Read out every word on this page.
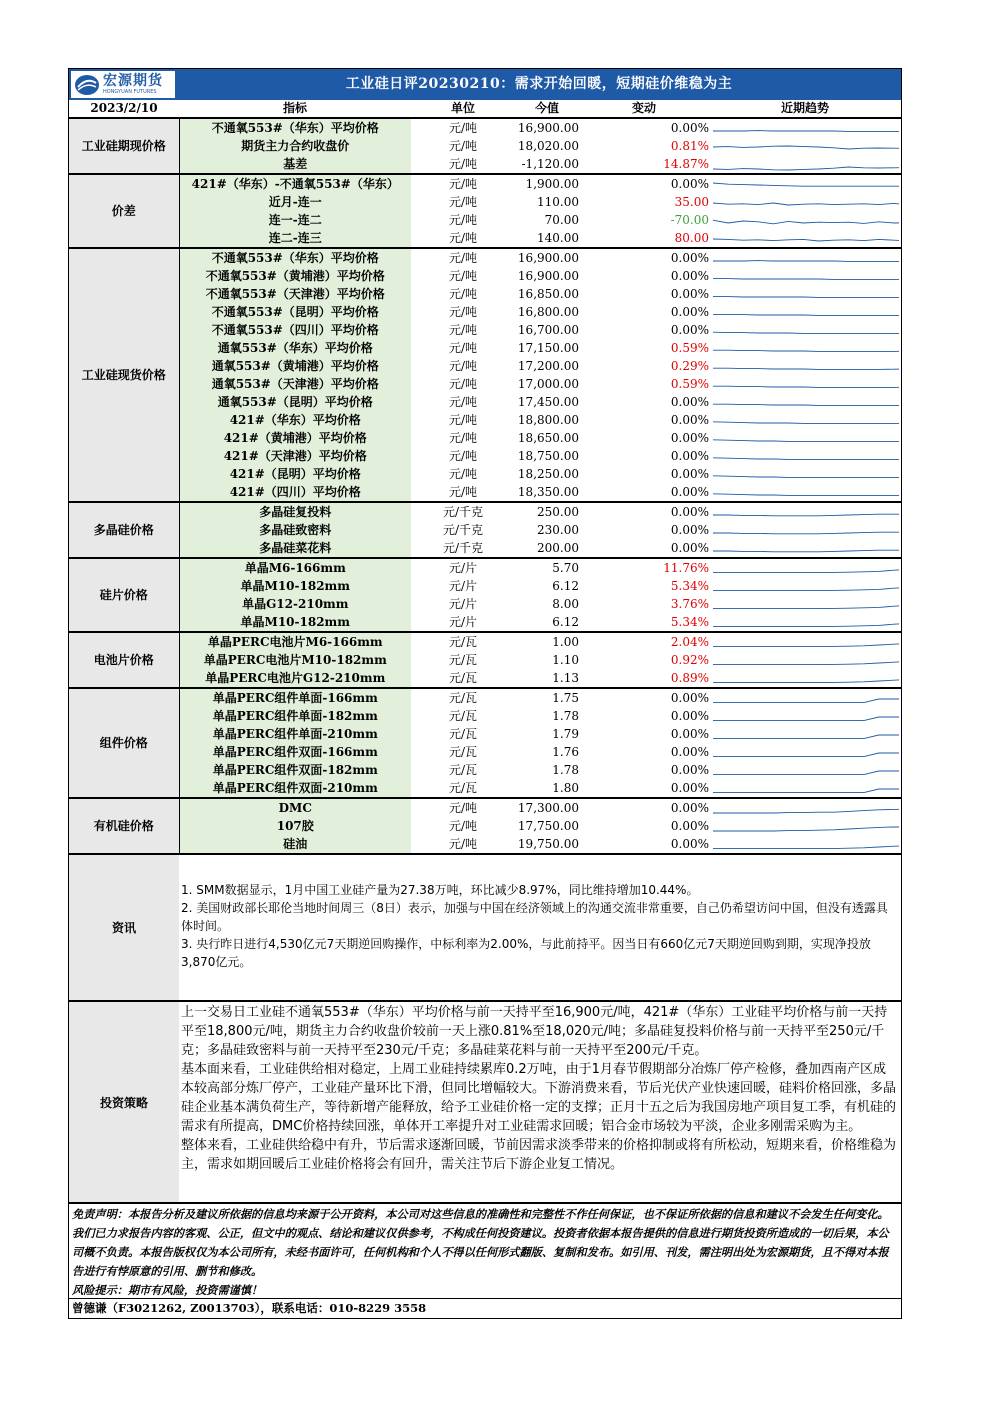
宏源期货
HONGYUAN FUTURES	工业硅日评20230210：需求开始回暖，短期硅价维稳为主
2023/2/10	指标	单位	今值	变动	近期趋势
工业硅期现价格	不通氧553#（华东）平均价格	元/吨	16,900.00	0.00%	

	期货主力合约收盘价	元/吨	18,020.00	0.81%	

	基差	元/吨	-1,120.00	14.87%	

价差	421#（华东）-不通氧553#（华东）	元/吨	1,900.00	0.00%	

	近月-连一	元/吨	110.00	35.00	

	连一-连二	元/吨	70.00	-70.00	

	连二-连三	元/吨	140.00	80.00	

工业硅现货价格	不通氧553#（华东）平均价格	元/吨	16,900.00	0.00%	

	不通氧553#（黄埔港）平均价格	元/吨	16,900.00	0.00%	

	不通氧553#（天津港）平均价格	元/吨	16,850.00	0.00%	

	不通氧553#（昆明）平均价格	元/吨	16,800.00	0.00%	

	不通氧553#（四川）平均价格	元/吨	16,700.00	0.00%	

	通氧553#（华东）平均价格	元/吨	17,150.00	0.59%	

	通氧553#（黄埔港）平均价格	元/吨	17,200.00	0.29%	

	通氧553#（天津港）平均价格	元/吨	17,000.00	0.59%	

	通氧553#（昆明）平均价格	元/吨	17,450.00	0.00%	

	421#（华东）平均价格	元/吨	18,800.00	0.00%	

	421#（黄埔港）平均价格	元/吨	18,650.00	0.00%	

	421#（天津港）平均价格	元/吨	18,750.00	0.00%	

	421#（昆明）平均价格	元/吨	18,250.00	0.00%	

	421#（四川）平均价格	元/吨	18,350.00	0.00%	

多晶硅价格	多晶硅复投料	元/千克	250.00	0.00%	

	多晶硅致密料	元/千克	230.00	0.00%	

	多晶硅菜花料	元/千克	200.00	0.00%	

硅片价格	单晶M6-166mm	元/片	5.70	11.76%	

	单晶M10-182mm	元/片	6.12	5.34%	

	单晶G12-210mm	元/片	8.00	3.76%	

	单晶M10-182mm	元/片	6.12	5.34%	

电池片价格	单晶PERC电池片M6-166mm	元/瓦	1.00	2.04%	

	单晶PERC电池片M10-182mm	元/瓦	1.10	0.92%	

	单晶PERC电池片G12-210mm	元/瓦	1.13	0.89%	

组件价格	单晶PERC组件单面-166mm	元/瓦	1.75	0.00%	

	单晶PERC组件单面-182mm	元/瓦	1.78	0.00%	

	单晶PERC组件单面-210mm	元/瓦	1.79	0.00%	

	单晶PERC组件双面-166mm	元/瓦	1.76	0.00%	

	单晶PERC组件双面-182mm	元/瓦	1.78	0.00%	

	单晶PERC组件双面-210mm	元/瓦	1.80	0.00%	

有机硅价格	DMC	元/吨	17,300.00	0.00%	

	107胶	元/吨	17,750.00	0.00%	

	硅油	元/吨	19,750.00	0.00%	
资讯
1. SMM数据显示，1月中国工业硅产量为27.38万吨，环比减少8.97%，同比维持增加10.44%。
2. 美国财政部长耶伦当地时间周三（8日）表示，加强与中国在经济领域上的沟通交流非常重要，自己仍希望访问中国，但没有透露具体时间。
3. 央行昨日进行4,530亿元7天期逆回购操作，中标利率为2.00%，与此前持平。因当日有660亿元7天期逆回购到期，实现净投放3,870亿元。
投资策略
上一交易日工业硅不通氧553#（华东）平均价格与前一天持平至16,900元/吨，421#（华东）工业硅平均价格与前一天持平至18,800元/吨，期货主力合约收盘价较前一天上涨0.81%至18,020元/吨；多晶硅复投料价格与前一天持平至250元/千克；多晶硅致密料与前一天持平至230元/千克；多晶硅菜花料与前一天持平至200元/千克。
基本面来看，工业硅供给相对稳定，上周工业硅持续累库0.2万吨，由于1月春节假期部分冶炼厂停产检修，叠加西南产区成本较高部分炼厂停产，工业硅产量环比下滑，但同比增幅较大。下游消费来看，节后光伏产业快速回暖，硅料价格回涨，多晶硅企业基本满负荷生产，等待新增产能释放，给予工业硅价格一定的支撑；正月十五之后为我国房地产项目复工季，有机硅的需求有所提高，DMC价格持续回涨，单体开工率提升对工业硅需求回暖；铝合金市场较为平淡，企业多刚需采购为主。
整体来看，工业硅供给稳中有升，节后需求逐渐回暖，节前因需求淡季带来的价格抑制或将有所松动，短期来看，价格维稳为主，需求如期回暖后工业硅价格将会有回升，需关注节后下游企业复工情况。
免责声明：本报告分析及建议所依据的信息均来源于公开资料，本公司对这些信息的准确性和完整性不作任何保证，也不保证所依据的信息和建议不会发生任何变化。我们已力求报告内容的客观、公正，但文中的观点、结论和建议仅供参考，不构成任何投资建议。投资者依据本报告提供的信息进行期货投资所造成的一切后果，本公司概不负责。本报告版权仅为本公司所有，未经书面许可，任何机构和个人不得以任何形式翻版、复制和发布。如引用、刊发，需注明出处为宏源期货，且不得对本报告进行有悖原意的引用、删节和修改。
风险提示：期市有风险，投资需谨慎！
曾德谦（F3021262, Z0013703），联系电话：010-8229 3558
